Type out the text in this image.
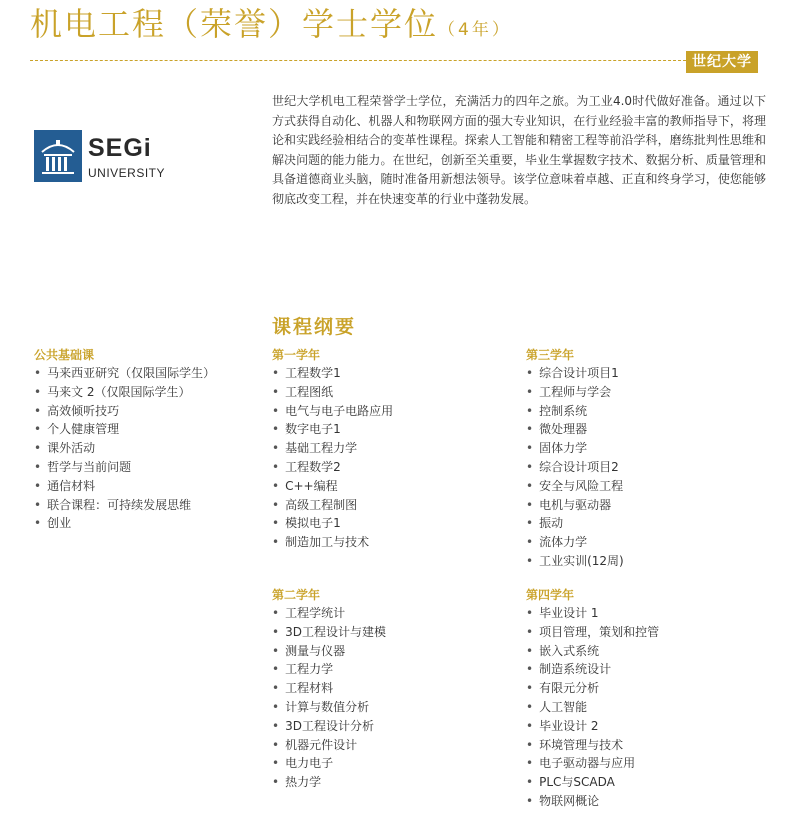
机电工程（荣誉）学士学位（4年）
世纪大学
SEGi
UNIVERSITY
世纪大学机电工程荣誉学士学位，充满活力的四年之旅。为工业4.0时代做好准备。通过以下方式获得自动化、机器人和物联网方面的强大专业知识，在行业经验丰富的教师指导下，将理论和实践经验相结合的变革性课程。探索人工智能和精密工程等前沿学科，磨练批判性思维和解决问题的能力能力。在世纪，创新至关重要，毕业生掌握数字技术、数据分析、质量管理和具备道德商业头脑，随时准备用新想法领导。该学位意味着卓越、正直和终身学习，使您能够彻底改变工程，并在快速变革的行业中蓬勃发展。
课程纲要
公共基础课
• 马来西亚研究（仅限国际学生）
• 马来文 2（仅限国际学生）
• 高效倾听技巧
• 个人健康管理
• 课外活动
• 哲学与当前问题
• 通信材料
• 联合课程：可持续发展思维
• 创业
第一学年
• 工程数学1
• 工程图纸
• 电气与电子电路应用
• 数字电子1
• 基础工程力学
• 工程数学2
• C++编程
• 高级工程制图
• 模拟电子1
• 制造加工与技术
第二学年
• 工程学统计
• 3D工程设计与建模
• 测量与仪器
• 工程力学
• 工程材料
• 计算与数值分析
• 3D工程设计分析
• 机器元件设计
• 电力电子
• 热力学
第三学年
• 综合设计项目1
• 工程师与学会
• 控制系统
• 微处理器
• 固体力学
• 综合设计项目2
• 安全与风险工程
• 电机与驱动器
• 振动
• 流体力学
• 工业实训(12周)
第四学年
• 毕业设计 1
• 项目管理，策划和控管
• 嵌入式系统
• 制造系统设计
• 有限元分析
• 人工智能
• 毕业设计 2
• 环境管理与技术
• 电子驱动器与应用
• PLC与SCADA
• 物联网概论
